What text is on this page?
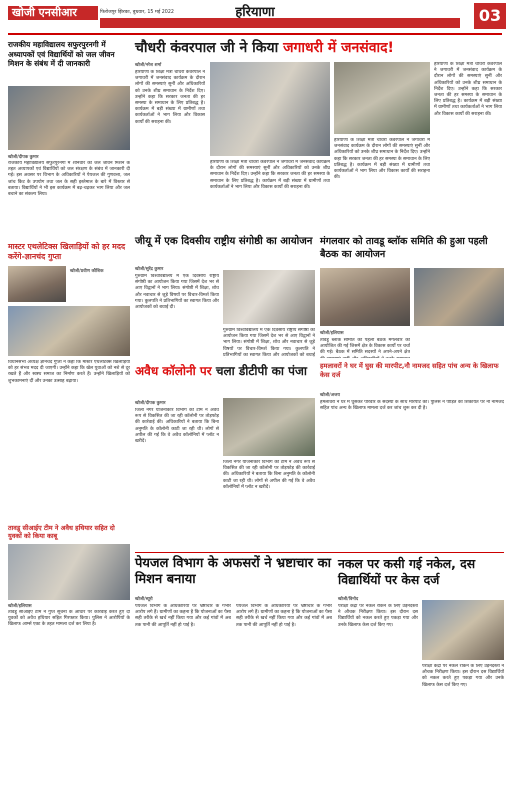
खोजी एनसीआर	फिरोजपुर झिरका, बुधवार, 15 मई 2022	हरियाणा	03
राजकीय महाविद्यालय सफुरपुरनगी में अध्यापकों एवं विद्यार्थियों को जल जीवन मिशन के संबंध में दी जानकारी
खोजी/दीपक कुमार
राजकीय महाविद्यालय सफुरपुरनगी में शनिवार को जल जीवन मिशन के तहत अध्यापकों एवं विद्यार्थियों को जल संरक्षण के संबंध में जानकारी दी गई। इस अवसर पर विभाग के अधिकारियों ने पेयजल की गुणवत्ता, जल जांच किट के उपयोग तथा जल के सही इस्तेमाल के बारे में विस्तार से बताया। विद्यार्थियों ने भी इस कार्यक्रम में बढ़-चढ़कर भाग लिया और जल बचाने का संकल्प लिया।
मास्टर एथलेटिक्स खिलाड़ियों को हर मदद करेंगे-ज्ञानचंद गुप्ता
खोजी/प्रवीण कौशिक
चौधरी कंवरपाल जी ने किया जगाधरी में जनसंवाद!
खोजी/नरेश शर्मा
हरियाणा के शिक्षा मंत्री चौधरी कंवरपाल ने जगाधरी में जनसंवाद कार्यक्रम के दौरान लोगों की समस्याएं सुनीं और अधिकारियों को उनके शीघ्र समाधान के निर्देश दिए। उन्होंने कहा कि सरकार जनता की हर समस्या के समाधान के लिए प्रतिबद्ध है। कार्यक्रम में बड़ी संख्या में ग्रामीणों तथा कार्यकर्ताओं ने भाग लिया और विकास कार्यों की सराहना की।
हरियाणा के शिक्षा मंत्री चौधरी कंवरपाल ने जगाधरी में जनसंवाद कार्यक्रम के दौरान लोगों की समस्याएं सुनीं और अधिकारियों को उनके शीघ्र समाधान के निर्देश दिए। उन्होंने कहा कि सरकार जनता की हर समस्या के समाधान के लिए प्रतिबद्ध है। कार्यक्रम में बड़ी संख्या में ग्रामीणों तथा कार्यकर्ताओं ने भाग लिया और विकास कार्यों की सराहना की।
हरियाणा के शिक्षा मंत्री चौधरी कंवरपाल ने जगाधरी में जनसंवाद कार्यक्रम के दौरान लोगों की समस्याएं सुनीं और अधिकारियों को उनके शीघ्र समाधान के निर्देश दिए। उन्होंने कहा कि सरकार जनता की हर समस्या के समाधान के लिए प्रतिबद्ध है। कार्यक्रम में बड़ी संख्या में ग्रामीणों तथा कार्यकर्ताओं ने भाग लिया और विकास कार्यों की सराहना की।
हरियाणा के शिक्षा मंत्री चौधरी कंवरपाल ने जगाधरी में जनसंवाद कार्यक्रम के दौरान लोगों की समस्याएं सुनीं और अधिकारियों को उनके शीघ्र समाधान के निर्देश दिए। उन्होंने कहा कि सरकार जनता की हर समस्या के समाधान के लिए प्रतिबद्ध है। कार्यक्रम में बड़ी संख्या में ग्रामीणों तथा कार्यकर्ताओं ने भाग लिया और विकास कार्यों की सराहना की।
जीयू में एक दिवसीय राष्ट्रीय संगोष्ठी का आयोजन
खोजी/सुरेंद्र कुमार
गुरुग्राम विश्वविद्यालय में एक दिवसीय राष्ट्रीय संगोष्ठी का आयोजन किया गया जिसमें देश भर से आए विद्वानों ने भाग लिया। संगोष्ठी में शिक्षा, शोध और नवाचार से जुड़े विषयों पर विचार-विमर्श किया गया। कुलपति ने प्रतिभागियों का स्वागत किया और आयोजकों को बधाई दी।
गुरुग्राम विश्वविद्यालय में एक दिवसीय राष्ट्रीय संगोष्ठी का आयोजन किया गया जिसमें देश भर से आए विद्वानों ने भाग लिया। संगोष्ठी में शिक्षा, शोध और नवाचार से जुड़े विषयों पर विचार-विमर्श किया गया। कुलपति ने प्रतिभागियों का स्वागत किया और आयोजकों को बधाई
मंगलवार को तावडू ब्लॉक समिति की हुआ पहली बैठक का आयोजन
खोजी/इलियास
तावडू ब्लॉक समिति की पहली बैठक मंगलवार को आयोजित की गई जिसमें क्षेत्र के विकास कार्यों पर चर्चा की गई। बैठक में समिति सदस्यों ने अपने-अपने क्षेत्र
विधानसभा अध्यक्ष ज्ञानचंद गुप्ता ने कहा कि मास्टर एथलेटिक्स खिलाड़ियों को हर संभव मदद दी जाएगी। उन्होंने कहा कि खेल युवाओं को नशे से दूर रखते हैं और स्वस्थ समाज का निर्माण करते हैं। उन्होंने खिलाड़ियों को शुभकामनाएं दीं और उनका उत्साह बढ़ाया।
हमलावरों ने घर में घुस की मारपीट,नौ नामजद सहित पांच अन्य के खिलाफ केस दर्ज
खोजी/अजय
हमलावरों ने घर में घुसकर परिवार के सदस्यों के साथ मारपीट की। पुलिस ने पीड़ित की शिकायत पर नौ नामजद सहित पांच अन्य के खिलाफ मामला दर्ज कर जांच शुरू कर दी है।
अवैध कॉलोनी पर चला डीटीपी का पंजा
खोजी/दीपक कुमार
जिला नगर योजनाकार विभाग की टीम ने अवैध रूप से विकसित की जा रही कॉलोनी पर तोड़फोड़ की कार्रवाई की। अधिकारियों ने बताया कि बिना अनुमति के कॉलोनी काटी जा रही थी। लोगों से अपील की गई कि वे अवैध कॉलोनियों में प्लॉट न खरीदें।
जिला नगर योजनाकार विभाग की टीम ने अवैध रूप से विकसित की जा रही कॉलोनी पर तोड़फोड़ की कार्रवाई की। अधिकारियों ने बताया कि बिना अनुमति के कॉलोनी काटी जा रही थी। लोगों से अपील की गई कि वे अवैध कॉलोनियों में प्लॉट न खरीदें।
तावडू सीआईए टीम ने अवैध हथियार सहित दो युवकों को किया काबू
खोजी/इलियास
तावडू सीआईए टीम ने गुप्त सूचना के आधार पर कार्रवाई करते हुए दो युवकों को अवैध हथियार सहित गिरफ्तार किया। पुलिस ने आरोपियों के खिलाफ आर्म्स एक्ट के तहत मामला दर्ज कर लिया है।
पेयजल विभाग के अफसरों ने भ्रष्टाचार का मिशन बनाया
खोजी/ब्यूरो
पेयजल विभाग के अधिकारियों पर भ्रष्टाचार के गंभीर आरोप लगे हैं। ग्रामीणों का कहना है कि योजनाओं का पैसा सही तरीके से खर्च नहीं किया गया और कई गांवों में अब तक पानी की आपूर्ति नहीं हो पाई है।
पेयजल विभाग के अधिकारियों पर भ्रष्टाचार के गंभीर आरोप लगे हैं। ग्रामीणों का कहना है कि योजनाओं का पैसा सही तरीके से खर्च नहीं किया गया और कई गांवों में अब तक पानी की आपूर्ति नहीं हो पाई है।
नकल पर कसी गई नकेल, दस विद्यार्थियों पर केस दर्ज
खोजी/विनोद
परीक्षा केंद्रों पर नकल रोकने के लिए उड़नदस्तों ने औचक निरीक्षण किया। इस दौरान दस विद्यार्थियों को नकल करते हुए पकड़ा गया और उनके खिलाफ केस दर्ज किए गए।
परीक्षा केंद्रों पर नकल रोकने के लिए उड़नदस्तों ने औचक निरीक्षण किया। इस दौरान दस विद्यार्थियों को नकल करते हुए पकड़ा गया और उनके खिलाफ केस दर्ज किए गए।
